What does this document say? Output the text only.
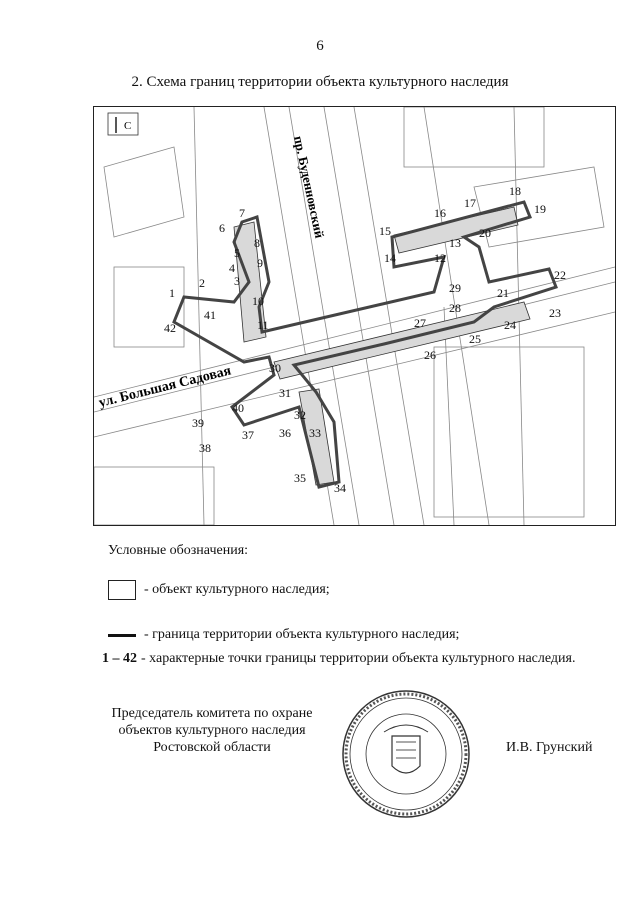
6
2. Схема границ территории объекта культурного наследия
С
ул. Большая Садовая
пр. Буденновский
1
2 3
4
5
6
7
8
9
10
11
12
13
14
15
16
17
18
19
20
21
22
23
24
25
26
27
28
29
30
31
32
33
34
35
36
37
38
39
40
41
42
Условные обозначения:
- объект культурного наследия;
- граница территории объекта культурного наследия;
1 – 42 - характерные точки границы территории объекта культурного наследия.
Председатель комитета по охране объектов культурного наследия Ростовской области	И.В. Грунский
